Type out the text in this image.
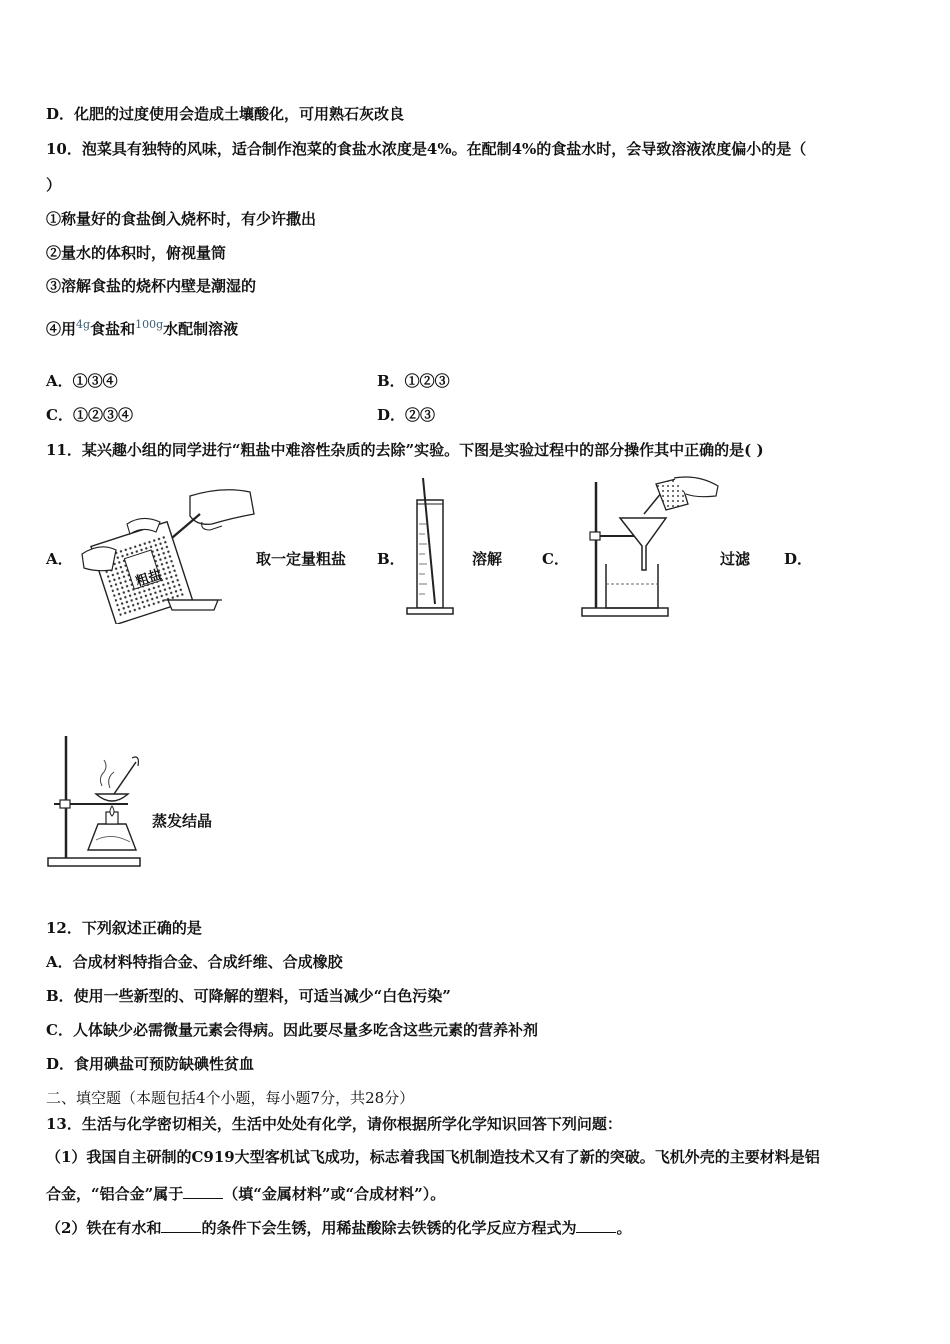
D．化肥的过度使用会造成土壤酸化，可用熟石灰改良
10．泡菜具有独特的风味，适合制作泡菜的食盐水浓度是4%。在配制4%的食盐水时，会导致溶液浓度偏小的是（
）
①称量好的食盐倒入烧杯时，有少许撒出
②量水的体积时，俯视量筒
③溶解食盐的烧杯内壁是潮湿的
④用$^{4g}$食盐和$^{100g}$水配制溶液
A．①③④	B．①②③
C．①②③④	D．②③
11．某兴趣小组的同学进行“粗盐中难溶性杂质的去除”实验。下图是实验过程中的部分操作其中正确的是( )
A．
粗盐
取一定量粗盐 B．	溶解	C．	过滤 D．
蒸发结晶
12．下列叙述正确的是
A．合成材料特指合金、合成纤维、合成橡胶
B．使用一些新型的、可降解的塑料，可适当减少“白色污染”
C．人体缺少必需微量元素会得病。因此要尽量多吃含这些元素的营养补剂
D．食用碘盐可预防缺碘性贫血
二、填空题（本题包括4个小题，每小题7分，共28分）
13．生活与化学密切相关，生活中处处有化学，请你根据所学化学知识回答下列问题：
（1）我国自主研制的C919大型客机试飞成功，标志着我国飞机制造技术又有了新的突破。飞机外壳的主要材料是铝
合金，“铝合金”属于	（填“金属材料”或“合成材料”）。
（2）铁在有水和	的条件下会生锈，用稀盐酸除去铁锈的化学反应方程式为	。
